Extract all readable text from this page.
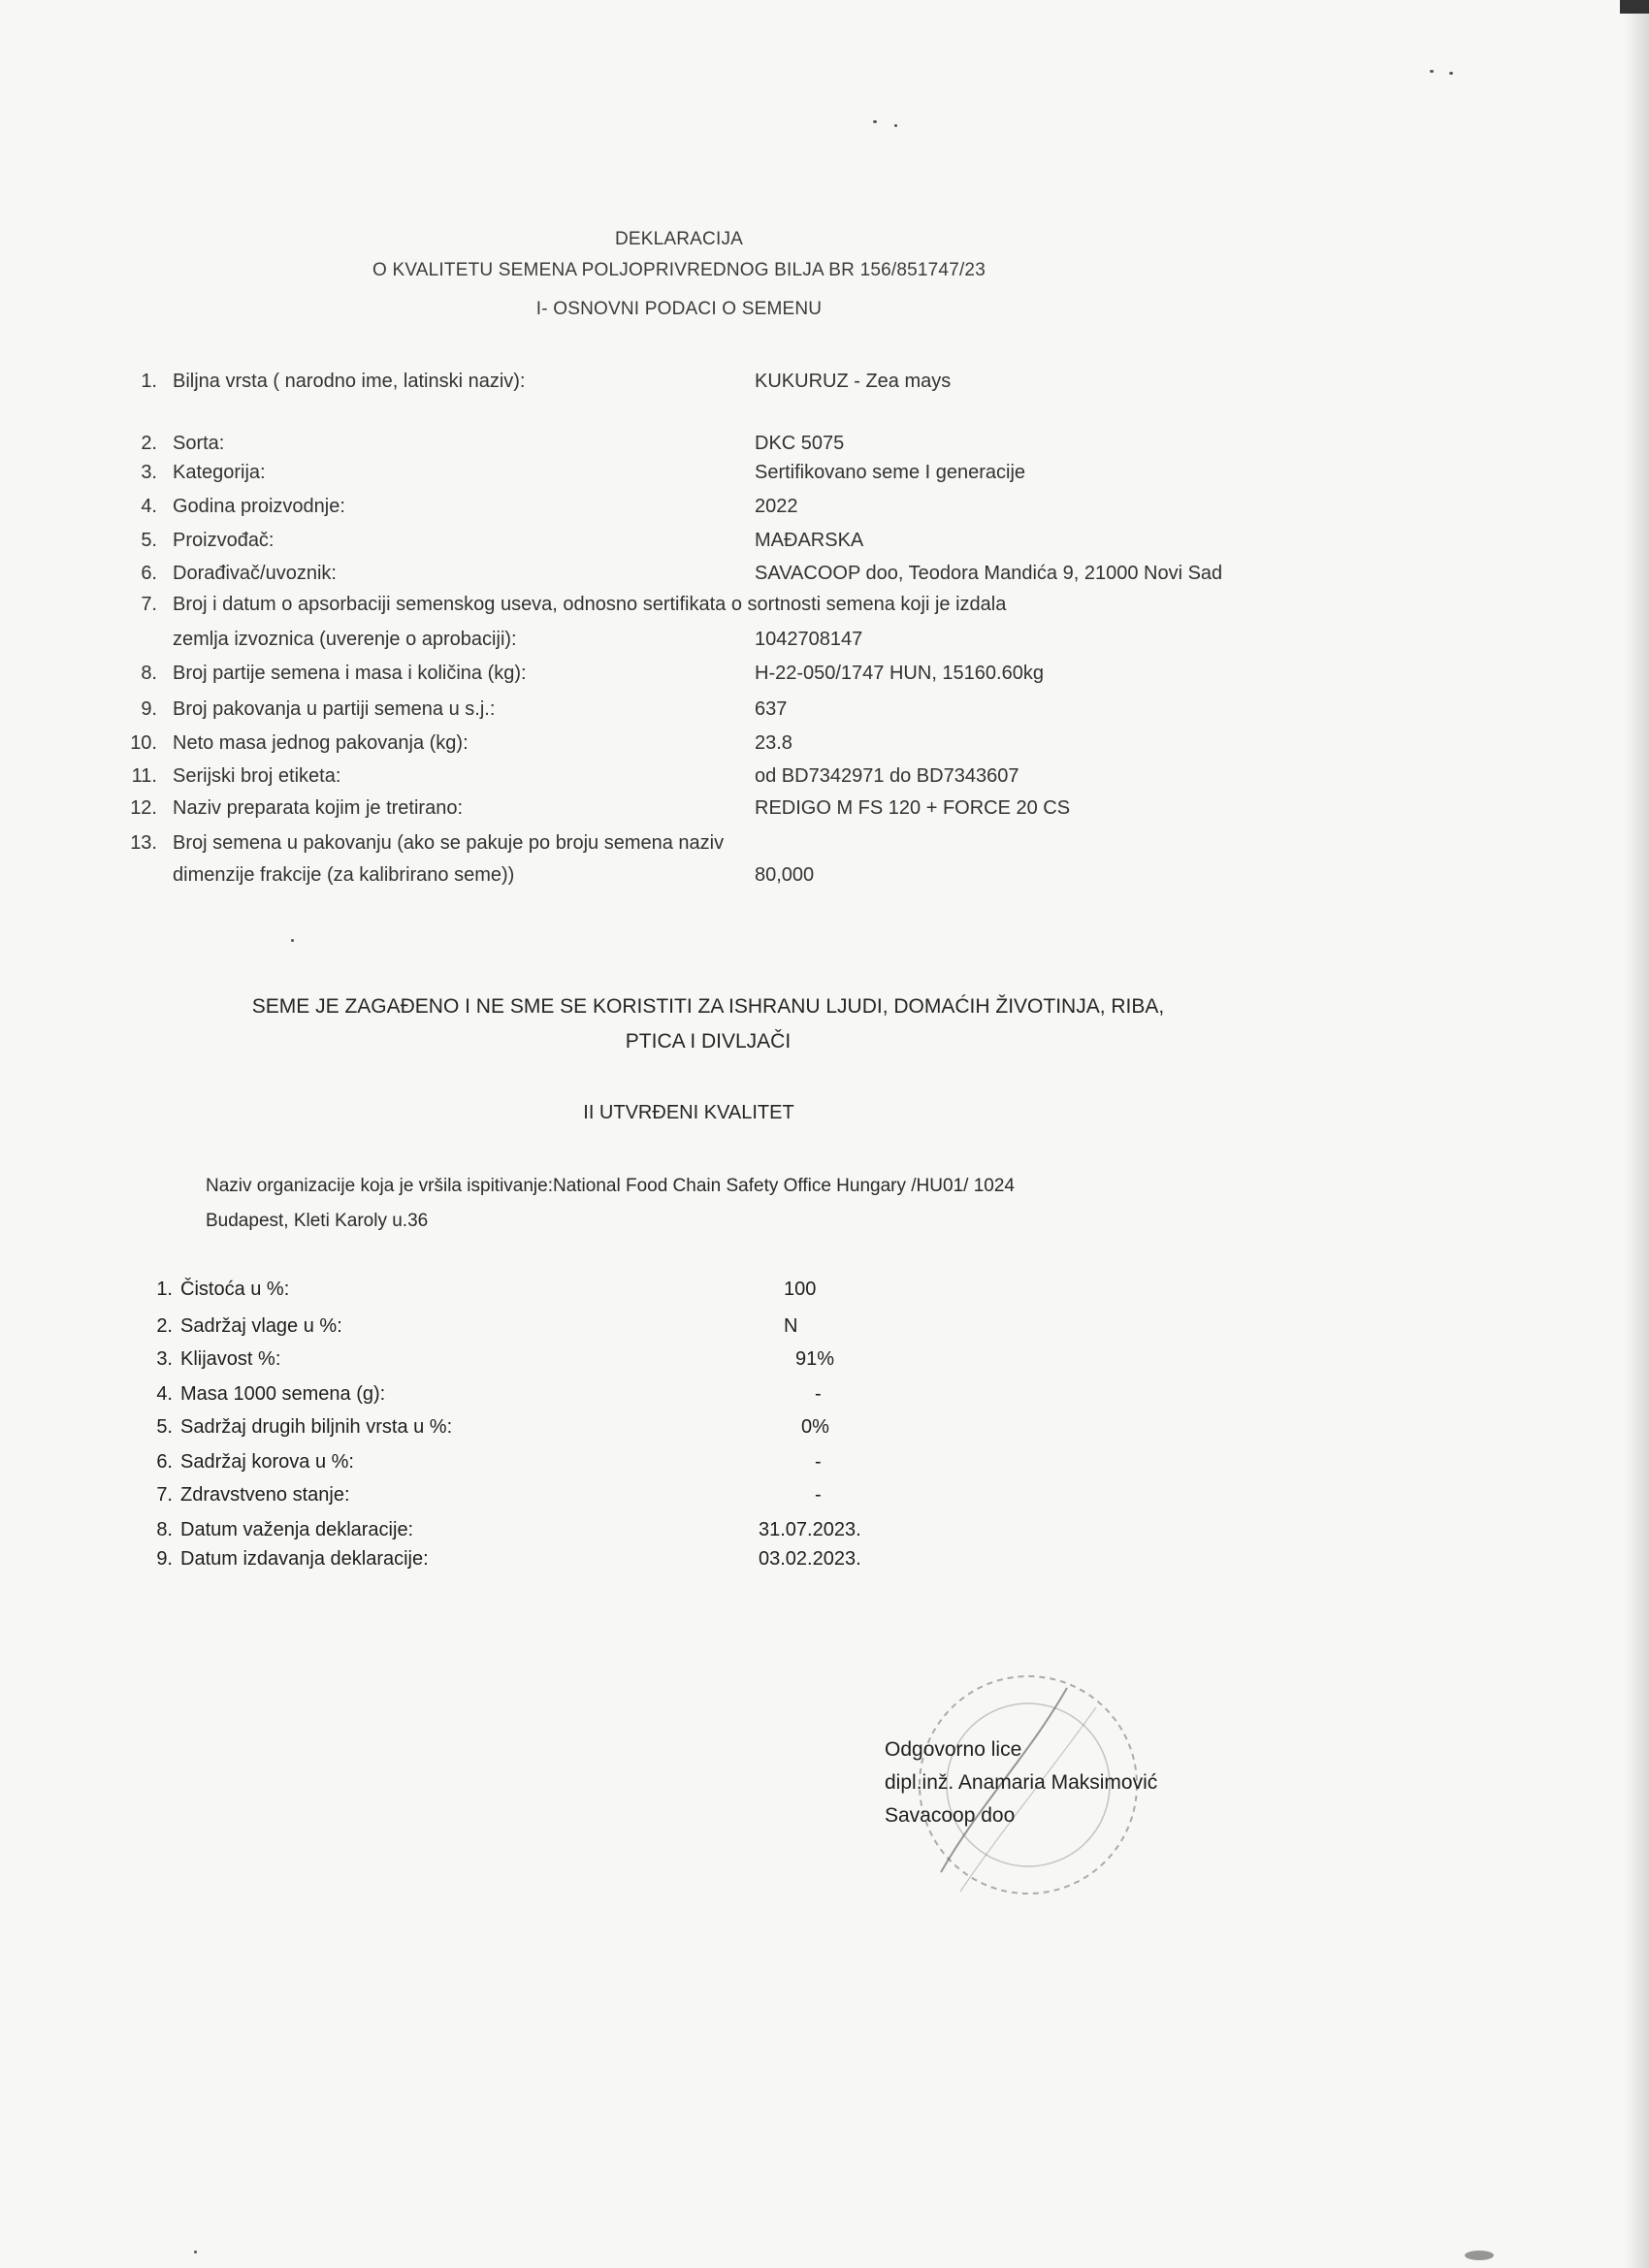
DEKLARACIJA
O KVALITETU SEMENA POLJOPRIVREDNOG BILJA BR 156/851747/23
I- OSNOVNI PODACI O SEMENU
1. Biljna vrsta ( narodno ime, latinski naziv):	KUKURUZ - Zea mays
2. Sorta:	DKC 5075
3. Kategorija:	Sertifikovano seme I generacije
4. Godina proizvodnje:	2022
5. Proizvođač:	MAĐARSKA
6. Dorađivač/uvoznik:	SAVACOOP doo, Teodora Mandića 9, 21000 Novi Sad
7. Broj i datum o apsorbaciji semenskog useva, odnosno sertifikata o sortnosti semena koji je izdala
zemlja izvoznica (uverenje o aprobaciji):	1042708147
8. Broj partije semena i masa i količina (kg):	H-22-050/1747 HUN, 15160.60kg
9. Broj pakovanja u partiji semena u s.j.:	637
10. Neto masa jednog pakovanja (kg):	23.8
11. Serijski broj etiketa:	od BD7342971 do BD7343607
12. Naziv preparata kojim je tretirano:	REDIGO M FS 120 + FORCE 20 CS
13. Broj semena u pakovanju (ako se pakuje po broju semena naziv
dimenzije frakcije (za kalibrirano seme))	80,000
SEME JE ZAGAĐENO I NE SME SE KORISTITI ZA ISHRANU LJUDI, DOMAĆIH ŽIVOTINJA, RIBA,
PTICA I DIVLJAČI
II UTVRĐENI KVALITET
Naziv organizacije koja je vršila ispitivanje:National Food Chain Safety Office Hungary /HU01/ 1024
Budapest, Kleti Karoly u.36
1. Čistoća u %:	100
2. Sadržaj vlage u %:	N
3. Klijavost %:	91%
4. Masa 1000 semena (g):	-
5. Sadržaj drugih biljnih vrsta u %:	0%
6. Sadržaj korova u %:	-
7. Zdravstveno stanje:	-
8. Datum važenja deklaracije:	31.07.2023.
9. Datum izdavanja deklaracije:	03.02.2023.
Odgovorno lice
dipl.inž. Anamaria Maksimović
Savacoop doo
